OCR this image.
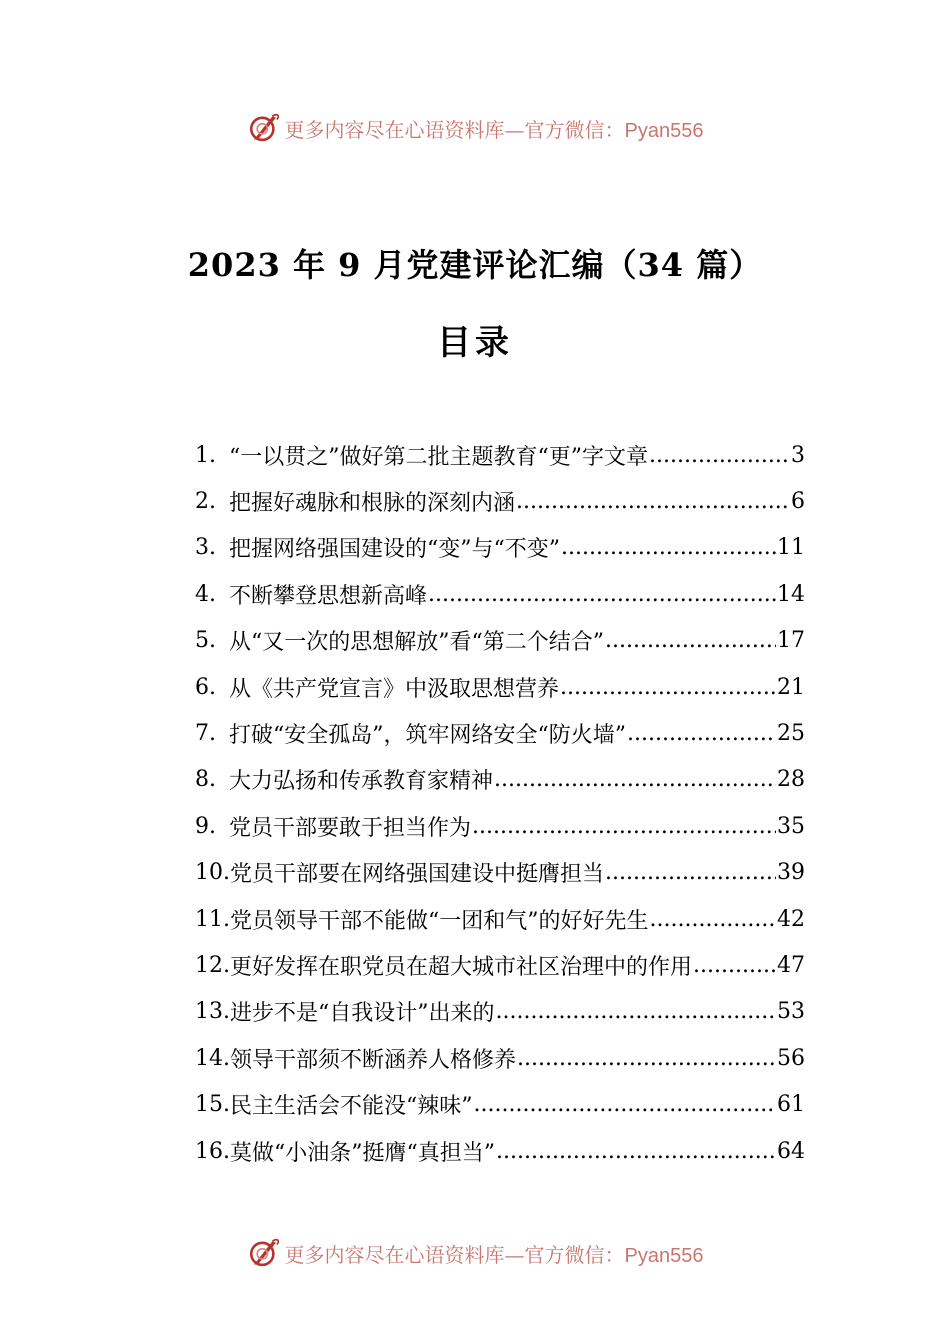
更多内容尽在心语资料库—官方微信：Pyan556
2023 年 9 月党建评论汇编（34 篇）
目录
1. “一以贯之”做好第二批主题教育“更”字文章 .....	3
2. 把握好魂脉和根脉的深刻内涵 .....	6
3. 把握网络强国建设的“变”与“不变” .....	11
4. 不断攀登思想新高峰 .....	14
5. 从“又一次的思想解放”看“第二个结合” .....	17
6. 从《共产党宣言》中汲取思想营养 .....	21
7. 打破“安全孤岛”，筑牢网络安全“防火墙” .....	25
8. 大力弘扬和传承教育家精神 .....	28
9. 党员干部要敢于担当作为 .....	35
10. 党员干部要在网络强国建设中挺膺担当 .....	39
11. 党员领导干部不能做“一团和气”的好好先生 .....	42
12. 更好发挥在职党员在超大城市社区治理中的作用 .....	47
13. 进步不是“自我设计”出来的 .....	53
14. 领导干部须不断涵养人格修养 .....	56
15. 民主生活会不能没“辣味” .....	61
16. 莫做“小油条”挺膺“真担当” .....	64
更多内容尽在心语资料库—官方微信：Pyan556
